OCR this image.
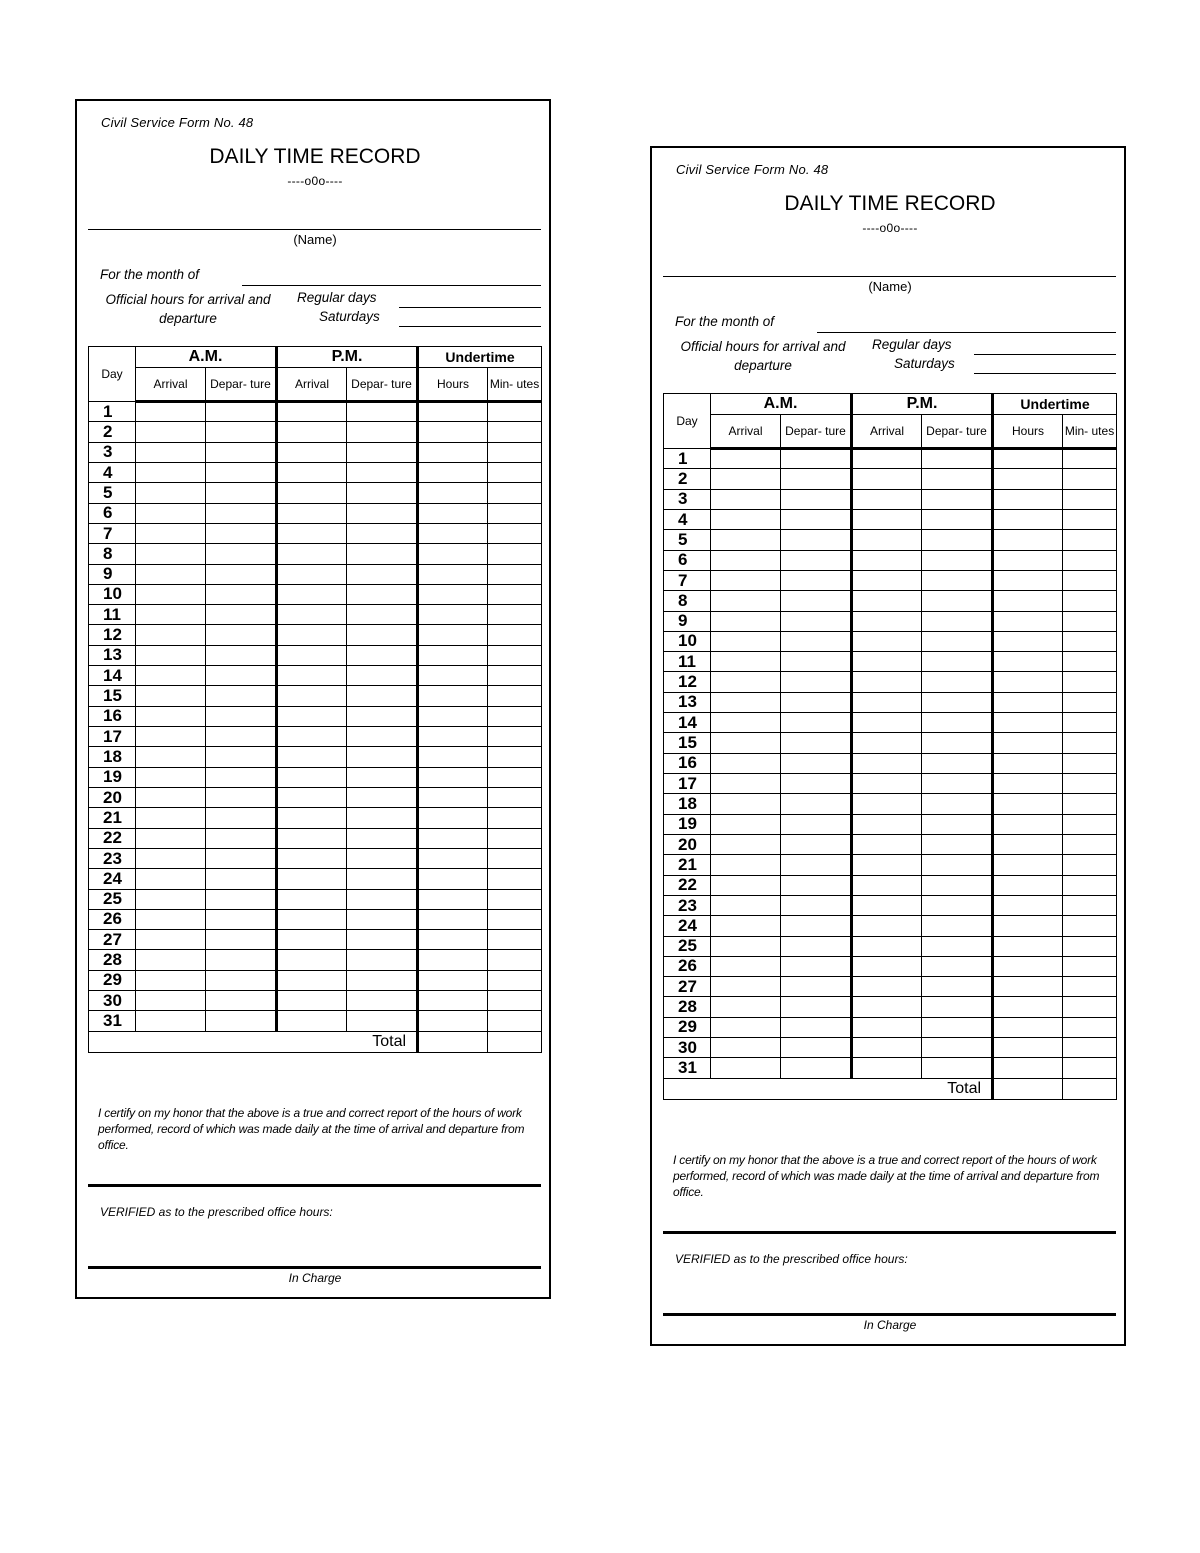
Civil Service Form No. 48
DAILY TIME RECORD
----o0o----
(Name)
For the month of
Official hours for arrival and departure
Regular days
Saturdays
Day	A.M.		P.M.		Undertime	
	Arrival	Depar- ture	Arrival	Depar- ture	Hours	Min- utes
1						
2						
3						
4						
5						
6						
7						
8						
9						
10						
11						
12						
13						
14						
15						
16						
17						
18						
19						
20						
21						
22						
23						
24						
25						
26						
27						
28						
29						
30						
31						
Total						
I certify on my honor that the above is a true and correct report of the hours of work performed, record of which was made daily at the time of arrival and departure from office.
VERIFIED as to the prescribed office hours:
In Charge
Civil Service Form No. 48
DAILY TIME RECORD
----o0o----
(Name)
For the month of
Official hours for arrival and departure
Regular days
Saturdays
Day	A.M.		P.M.		Undertime	
	Arrival	Depar- ture	Arrival	Depar- ture	Hours	Min- utes
1						
2						
3						
4						
5						
6						
7						
8						
9						
10						
11						
12						
13						
14						
15						
16						
17						
18						
19						
20						
21						
22						
23						
24						
25						
26						
27						
28						
29						
30						
31						
Total						
I certify on my honor that the above is a true and correct report of the hours of work performed, record of which was made daily at the time of arrival and departure from office.
VERIFIED as to the prescribed office hours:
In Charge
